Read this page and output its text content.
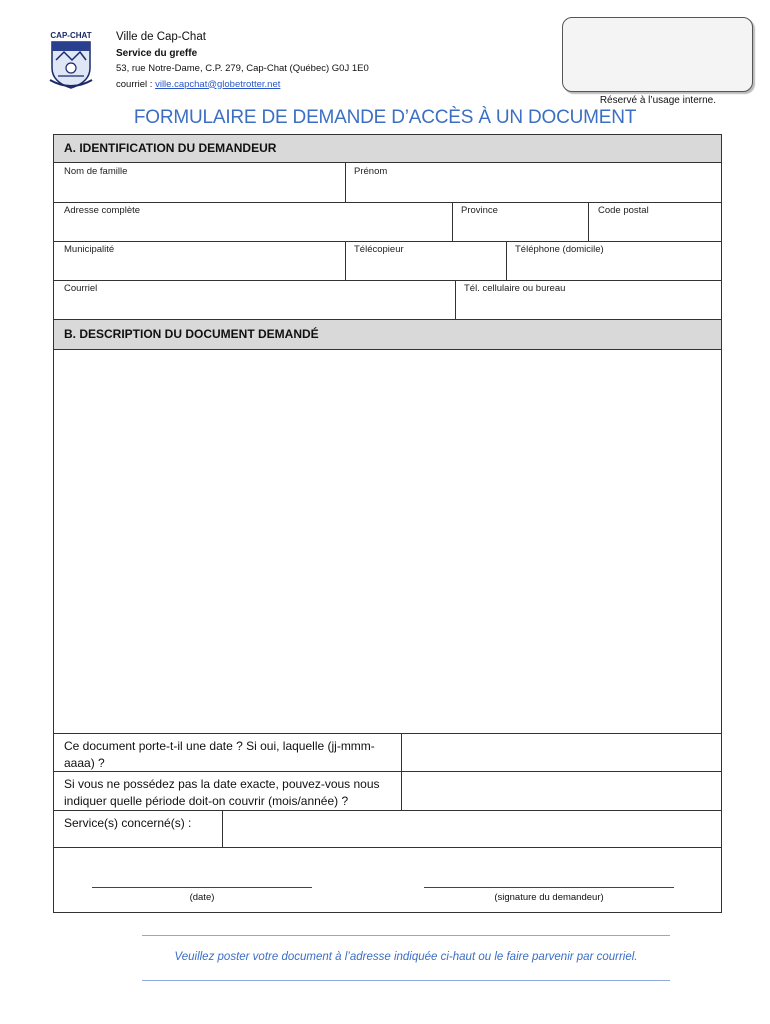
CAP-CHAT Ville de Cap-Chat
Service du greffe
53, rue Notre-Dame, C.P. 279, Cap-Chat (Québec) G0J 1E0
courriel : ville.capchat@globetrotter.net
Réservé à l’usage interne.
FORMULAIRE DE DEMANDE D’ACCÈS À UN DOCUMENT
A. IDENTIFICATION DU DEMANDEUR
Nom de famille	Prénom
Adresse complète	Province	Code postal
Municipalité	Télécopieur	Téléphone (domicile)
Courriel	Tél. cellulaire ou bureau
B. DESCRIPTION DU DOCUMENT DEMANDÉ
Ce document porte-t-il une date ? Si oui, laquelle (jj-mmm-aaaa) ?
Si vous ne possédez pas la date exacte, pouvez-vous nous indiquer quelle période doit-on couvrir (mois/année) ?
Service(s) concerné(s) :
(date)	(signature du demandeur)
Veuillez poster votre document à l’adresse indiquée ci-haut ou le faire parvenir par courriel.
